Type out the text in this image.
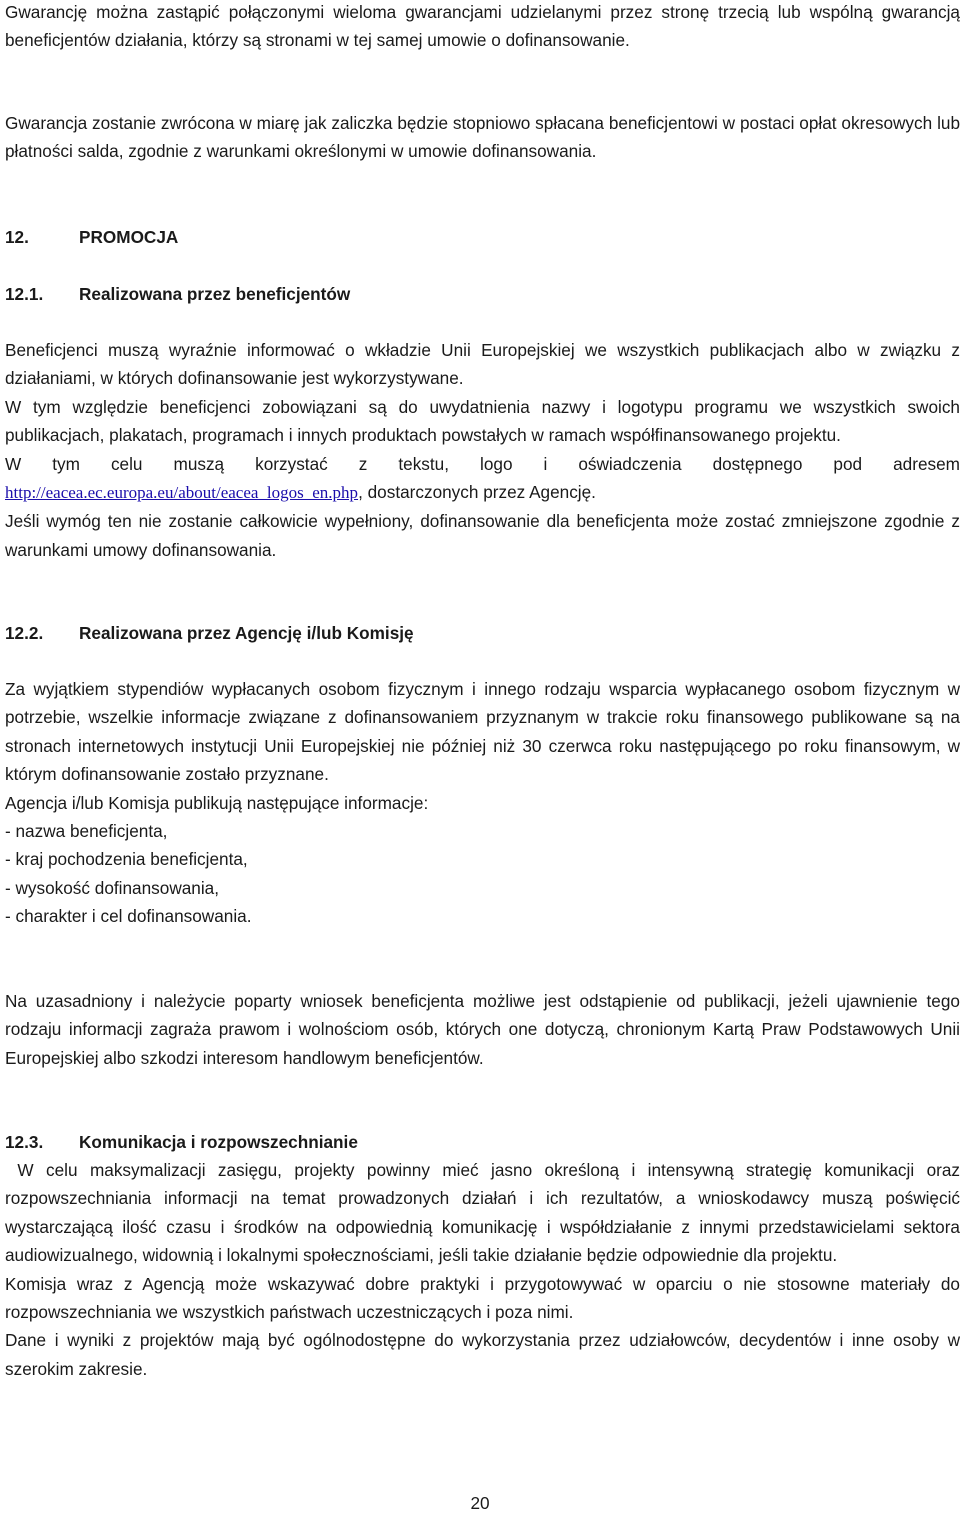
Gwarancję można zastąpić połączonymi wieloma gwarancjami udzielanymi przez stronę trzecią lub wspólną gwarancją beneficjentów działania, którzy są stronami w tej samej umowie o dofinansowanie.

Gwarancja zostanie zwrócona w miarę jak zaliczka będzie stopniowo spłacana beneficjentowi w postaci opłat okresowych lub płatności salda, zgodnie z warunkami określonymi w umowie dofinansowania.

12.	PROMOCJA
12.1.	Realizowana przez beneficjentów

Beneficjenci muszą wyraźnie informować o wkładzie Unii Europejskiej we wszystkich publikacjach albo w związku z działaniami, w których dofinansowanie jest wykorzystywane.

W tym względzie beneficjenci zobowiązani są do uwydatnienia nazwy i logotypu programu we wszystkich swoich publikacjach, plakatach, programach i innych produktach powstałych w ramach współfinansowanego projektu.

W tym celu muszą korzystać z tekstu, logo i oświadczenia dostępnego pod adresem http://eacea.ec.europa.eu/about/eacea_logos_en.php, dostarczonych przez Agencję.

Jeśli wymóg ten nie zostanie całkowicie wypełniony, dofinansowanie dla beneficjenta może zostać zmniejszone zgodnie z warunkami umowy dofinansowania.

12.2.	Realizowana przez Agencję i/lub Komisję

Za wyjątkiem stypendiów wypłacanych osobom fizycznym i innego rodzaju wsparcia wypłacanego osobom fizycznym w potrzebie, wszelkie informacje związane z dofinansowaniem przyznanym w trakcie roku finansowego publikowane są na stronach internetowych instytucji Unii Europejskiej nie później niż 30 czerwca roku następującego po roku finansowym, w którym dofinansowanie zostało przyznane.

Agencja i/lub Komisja publikują następujące informacje:

- nazwa beneficjenta,
- kraj pochodzenia beneficjenta,
- wysokość dofinansowania,
- charakter i cel dofinansowania.

Na uzasadniony i należycie poparty wniosek beneficjenta możliwe jest odstąpienie od publikacji, jeżeli ujawnienie tego rodzaju informacji zagraża prawom i wolnościom osób, których one dotyczą, chronionym Kartą Praw Podstawowych Unii Europejskiej albo szkodzi interesom handlowym beneficjentów.

12.3.	Komunikacja i rozpowszechnianie

W celu maksymalizacji zasięgu, projekty powinny mieć jasno określoną i intensywną strategię komunikacji oraz rozpowszechniania informacji na temat prowadzonych działań i ich rezultatów, a wnioskodawcy muszą poświęcić wystarczającą ilość czasu i środków na odpowiednią komunikację i współdziałanie z innymi przedstawicielami sektora audiowizualnego, widownią i lokalnymi społecznościami, jeśli takie działanie będzie odpowiednie dla projektu.

Komisja wraz z Agencją może wskazywać dobre praktyki i przygotowywać w oparciu o nie stosowne materiały do rozpowszechniania we wszystkich państwach uczestniczących i poza nimi.

Dane i wyniki z projektów mają być ogólnodostępne do wykorzystania przez udziałowców, decydentów i inne osoby w szerokim zakresie.

20
